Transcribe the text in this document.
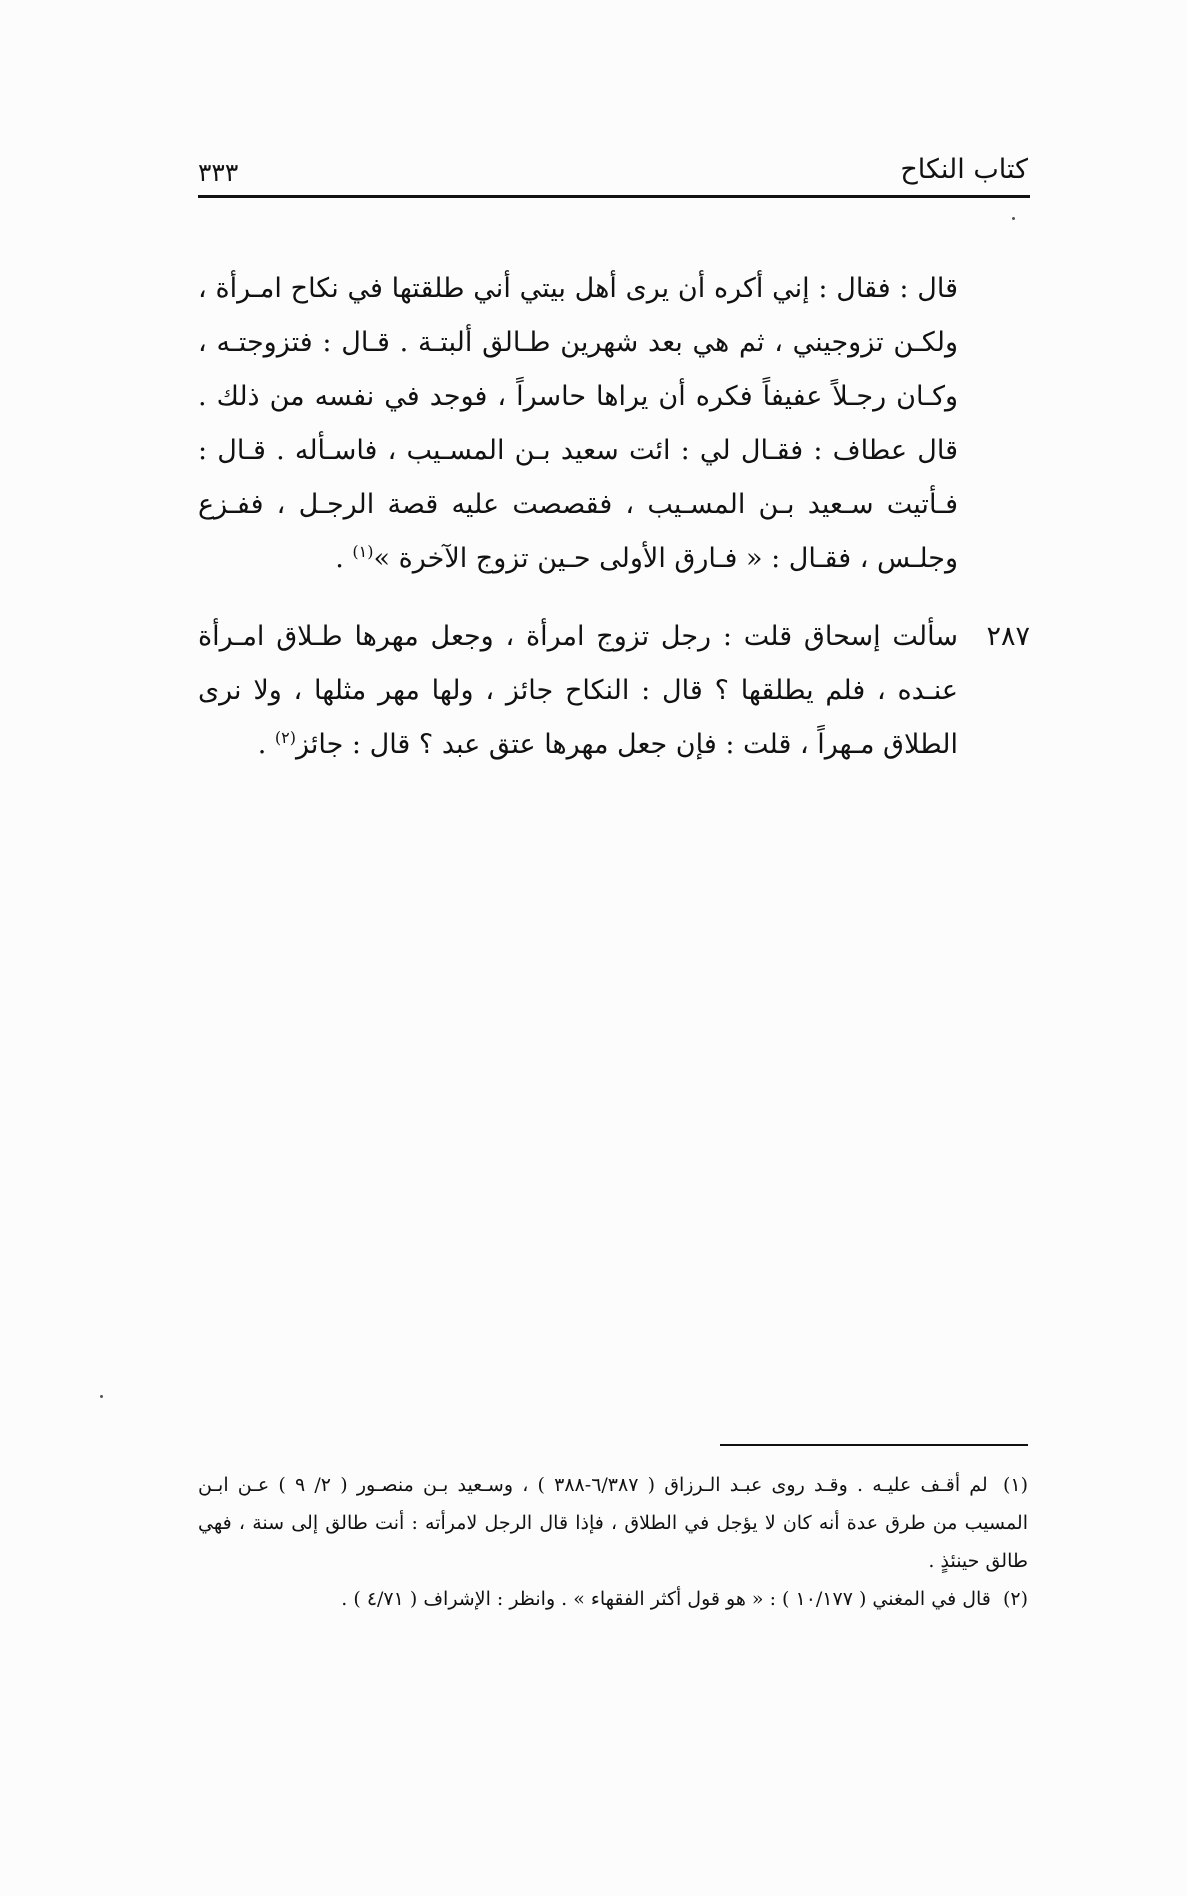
كتاب النكاح
٣٣٣
قال : فقال : إني أكره أن يرى أهل بيتي أني طلقتها في نكاح امـرأة ، ولكـن تزوجيني ، ثم هي بعد شهرين طـالق ألبتـة . قـال : فتزوجتـه ، وكـان رجـلاً عفيفاً فكره أن يراها حاسراً ، فوجد في نفسه من ذلك . قال عطاف : فقـال لي : ائت سعيد بـن المسـيب ، فاسـأله . قـال : فـأتيت سـعيد بـن المسـيب ، فقصصت عليه قصة الرجـل ، ففـزع وجلـس ، فقـال : « فـارق الأولى حـين تزوج الآخرة »$^{(١)}$ .
٢٨٧
سألت إسحاق قلت : رجل تزوج امرأة ، وجعل مهرها طـلاق امـرأة عنـده ، فلم يطلقها ؟ قال : النكاح جائز ، ولها مهر مثلها ، ولا نرى الطلاق مـهراً ، قلت : فإن جعل مهرها عتق عبد ؟ قال : جائز$^{(٢)}$ .
(١) لم أقـف عليـه . وقـد روى عبـد الـرزاق ( ٦/٣٨٧-٣٨٨ ) ، وسـعيد بـن منصـور ( ٢/ ٩ ) عـن ابـن المسيب من طرق عدة أنه كان لا يؤجل في الطلاق ، فإذا قال الرجل لامرأته : أنت طالق إلى سنة ، فهي طالق حينئذٍ .
(٢) قال في المغني ( ١٠/١٧٧ ) : « هو قول أكثر الفقهاء » . وانظر : الإشراف ( ٤/٧١ ) .
